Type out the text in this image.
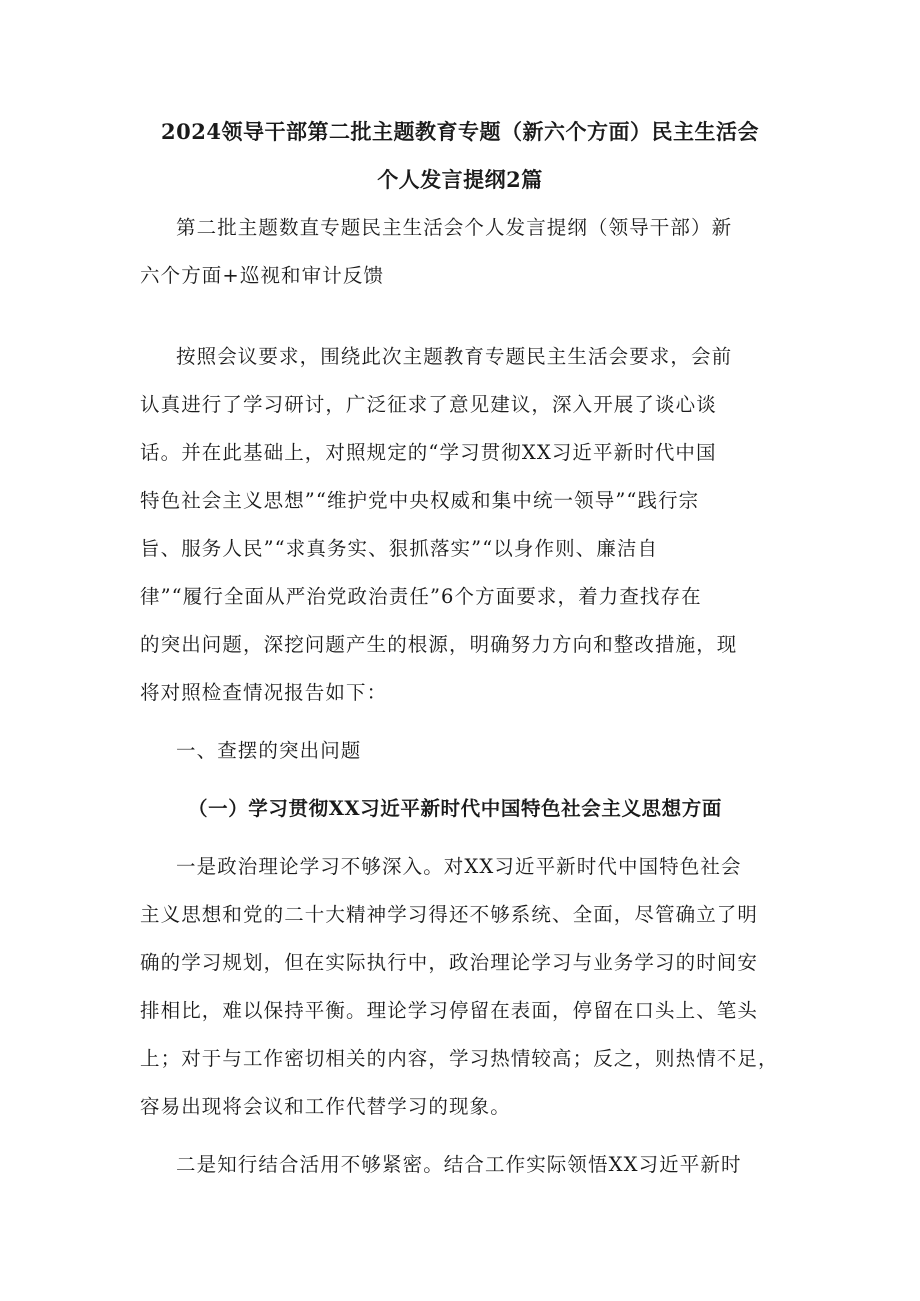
2024领导干部第二批主题教育专题（新六个方面）民主生活会
个人发言提纲2篇
第二批主题数直专题民主生活会个人发言提纲（领导干部）新
六个方面+巡视和审计反馈
按照会议要求，围绕此次主题教育专题民主生活会要求，会前
认真进行了学习研讨，广泛征求了意见建议，深入开展了谈心谈
话。并在此基础上，对照规定的“学习贯彻XX习近平新时代中国
特色社会主义思想”“维护党中央权威和集中统一领导”“践行宗
旨、服务人民”“求真务实、狠抓落实”“以身作则、廉洁自
律”“履行全面从严治党政治责任”6个方面要求，着力查找存在
的突出问题，深挖问题产生的根源，明确努力方向和整改措施，现
将对照检查情况报告如下：
一、查摆的突出问题
（一）学习贯彻XX习近平新时代中国特色社会主义思想方面
一是政治理论学习不够深入。对XX习近平新时代中国特色社会
主义思想和党的二十大精神学习得还不够系统、全面，尽管确立了明
确的学习规划，但在实际执行中，政治理论学习与业务学习的时间安
排相比，难以保持平衡。理论学习停留在表面，停留在口头上、笔头
上；对于与工作密切相关的内容，学习热情较高；反之，则热情不足，
容易出现将会议和工作代替学习的现象。
二是知行结合活用不够紧密。结合工作实际领悟XX习近平新时
